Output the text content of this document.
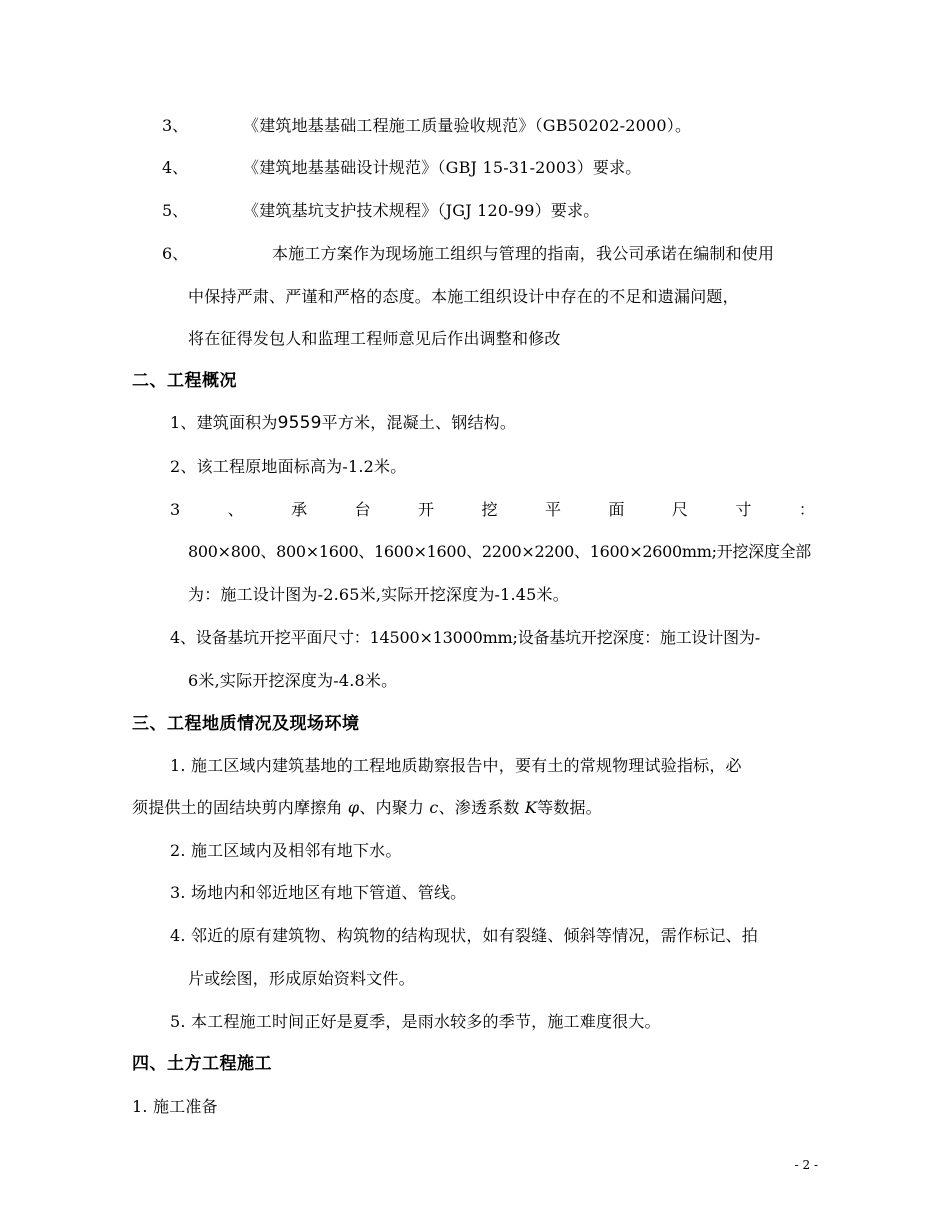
3、	《建筑地基基础工程施工质量验收规范》（GB50202-2000）。
4、	《建筑地基基础设计规范》（GBJ 15-31-2003）要求。
5、	《建筑基坑支护技术规程》（JGJ 120-99）要求。
6、	本施工方案作为现场施工组织与管理的指南，我公司承诺在编制和使用
中保持严肃、严谨和严格的态度。本施工组织设计中存在的不足和遗漏问题，
将在征得发包人和监理工程师意见后作出调整和修改
二、工程概况
1、建筑面积为9559平方米，混凝土、钢结构。
2、该工程原地面标高为-1.2米。
3	、	承	台	开	挖	平	面	尺	寸	：
800×800、800×1600、1600×1600、2200×2200、1600×2600mm;开挖深度全部
为：施工设计图为-2.65米,实际开挖深度为-1.45米。
4、设备基坑开挖平面尺寸：14500×13000mm;设备基坑开挖深度：施工设计图为-
6米,实际开挖深度为-4.8米。
三、工程地质情况及现场环境
1. 施工区域内建筑基地的工程地质勘察报告中，要有土的常规物理试验指标，必
须提供土的固结块剪内摩擦角 φ、内聚力 c、渗透系数 K等数据。
2. 施工区域内及相邻有地下水。
3. 场地内和邻近地区有地下管道、管线。
4. 邻近的原有建筑物、构筑物的结构现状，如有裂缝、倾斜等情况，需作标记、拍
片或绘图，形成原始资料文件。
5. 本工程施工时间正好是夏季，是雨水较多的季节，施工难度很大。
四、土方工程施工
1. 施工准备
- 2 -
